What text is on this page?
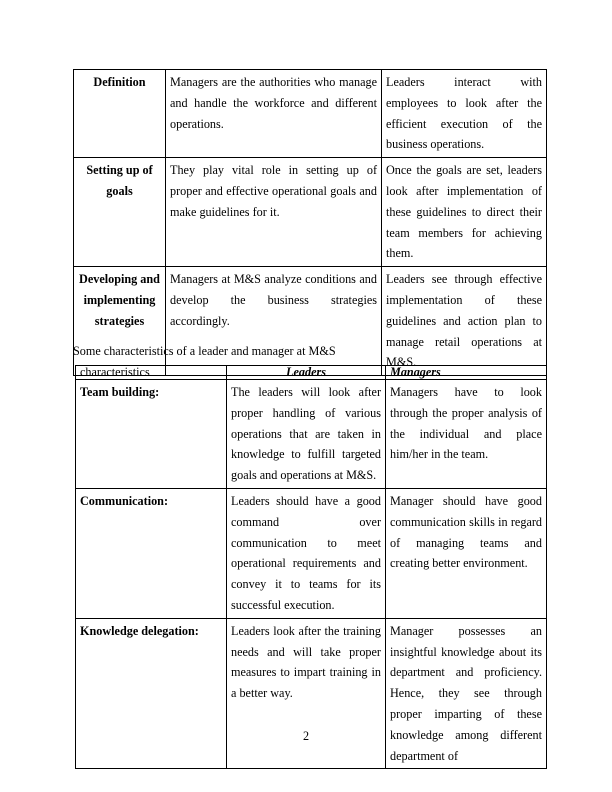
Definition	Managers are the authorities who manage and handle the workforce and different operations.	Leaders interact with employees to look after the efficient execution of the business operations.
Setting up of goals	They play vital role in setting up of proper and effective operational goals and make guidelines for it.	Once the goals are set, leaders look after implementation of these guidelines to direct their team members for achieving them.
Developing and implementing strategies	Managers at M&S analyze conditions and develop the business strategies accordingly.	Leaders see through effective implementation of these guidelines and action plan to manage retail operations at M&S.
Some characteristics of a leader and manager at M&S
characteristics	Leaders	Managers
Team building:	The leaders will look after proper handling of various operations that are taken in knowledge to fulfill targeted goals and operations at M&S.	Managers have to look through the proper analysis of the individual and place him/her in the team.
Communication:	Leaders should have a good command over communication to meet operational requirements and convey it to teams for its successful execution.	Manager should have good communication skills in regard of managing teams and creating better environment.
Knowledge delegation:	Leaders look after the training needs and will take proper measures to impart training in a better way.	Manager possesses an insightful knowledge about its department and proficiency. Hence, they see through proper imparting of these knowledge among different department of
2
